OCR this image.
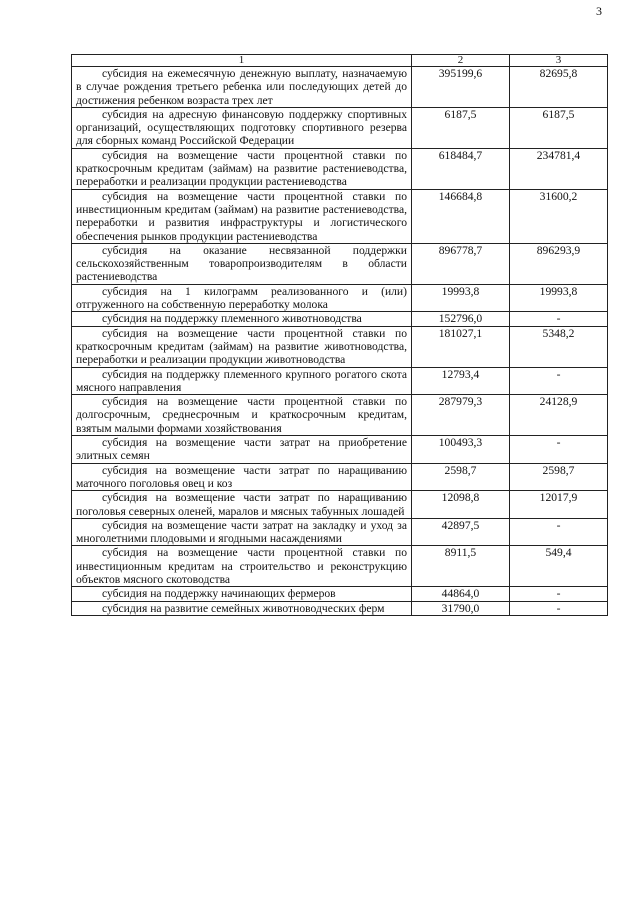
3
1	2	3
субсидия на ежемесячную денежную выплату, назначаемую в случае рождения третьего ребенка или последующих детей до достижения ребенком возраста трех лет	395199,6	82695,8
субсидия на адресную финансовую поддержку спортивных организаций, осуществляющих подготовку спортивного резерва для сборных команд Российской Федерации	6187,5	6187,5
субсидия на возмещение части процентной ставки по краткосрочным кредитам (займам) на развитие растениеводства, переработки и реализации продукции растениеводства	618484,7	234781,4
субсидия на возмещение части процентной ставки по инвестиционным кредитам (займам) на развитие растениеводства, переработки и развития инфраструктуры и логистического обеспечения рынков продукции растениеводства	146684,8	31600,2
субсидия на оказание несвязанной поддержки сельскохозяйственным товаропроизводителям в области растениеводства	896778,7	896293,9
субсидия на 1 килограмм реализованного и (или) отгруженного на собственную переработку молока	19993,8	19993,8
субсидия на поддержку племенного животноводства	152796,0	-
субсидия на возмещение части процентной ставки по краткосрочным кредитам (займам) на развитие животноводства, переработки и реализации продукции животноводства	181027,1	5348,2
субсидия на поддержку племенного крупного рогатого скота мясного направления	12793,4	-
субсидия на возмещение части процентной ставки по долгосрочным, среднесрочным и краткосрочным кредитам, взятым малыми формами хозяйствования	287979,3	24128,9
субсидия на возмещение части затрат на приобретение элитных семян	100493,3	-
субсидия на возмещение части затрат по наращиванию маточного поголовья овец и коз	2598,7	2598,7
субсидия на возмещение части затрат по наращиванию поголовья северных оленей, маралов и мясных табунных лошадей	12098,8	12017,9
субсидия на возмещение части затрат на закладку и уход за многолетними плодовыми и ягодными насаждениями	42897,5	-
субсидия на возмещение части процентной ставки по инвестиционным кредитам на строительство и реконструкцию объектов мясного скотоводства	8911,5	549,4
субсидия на поддержку начинающих фермеров	44864,0	-
субсидия на развитие семейных животноводческих ферм	31790,0	-
